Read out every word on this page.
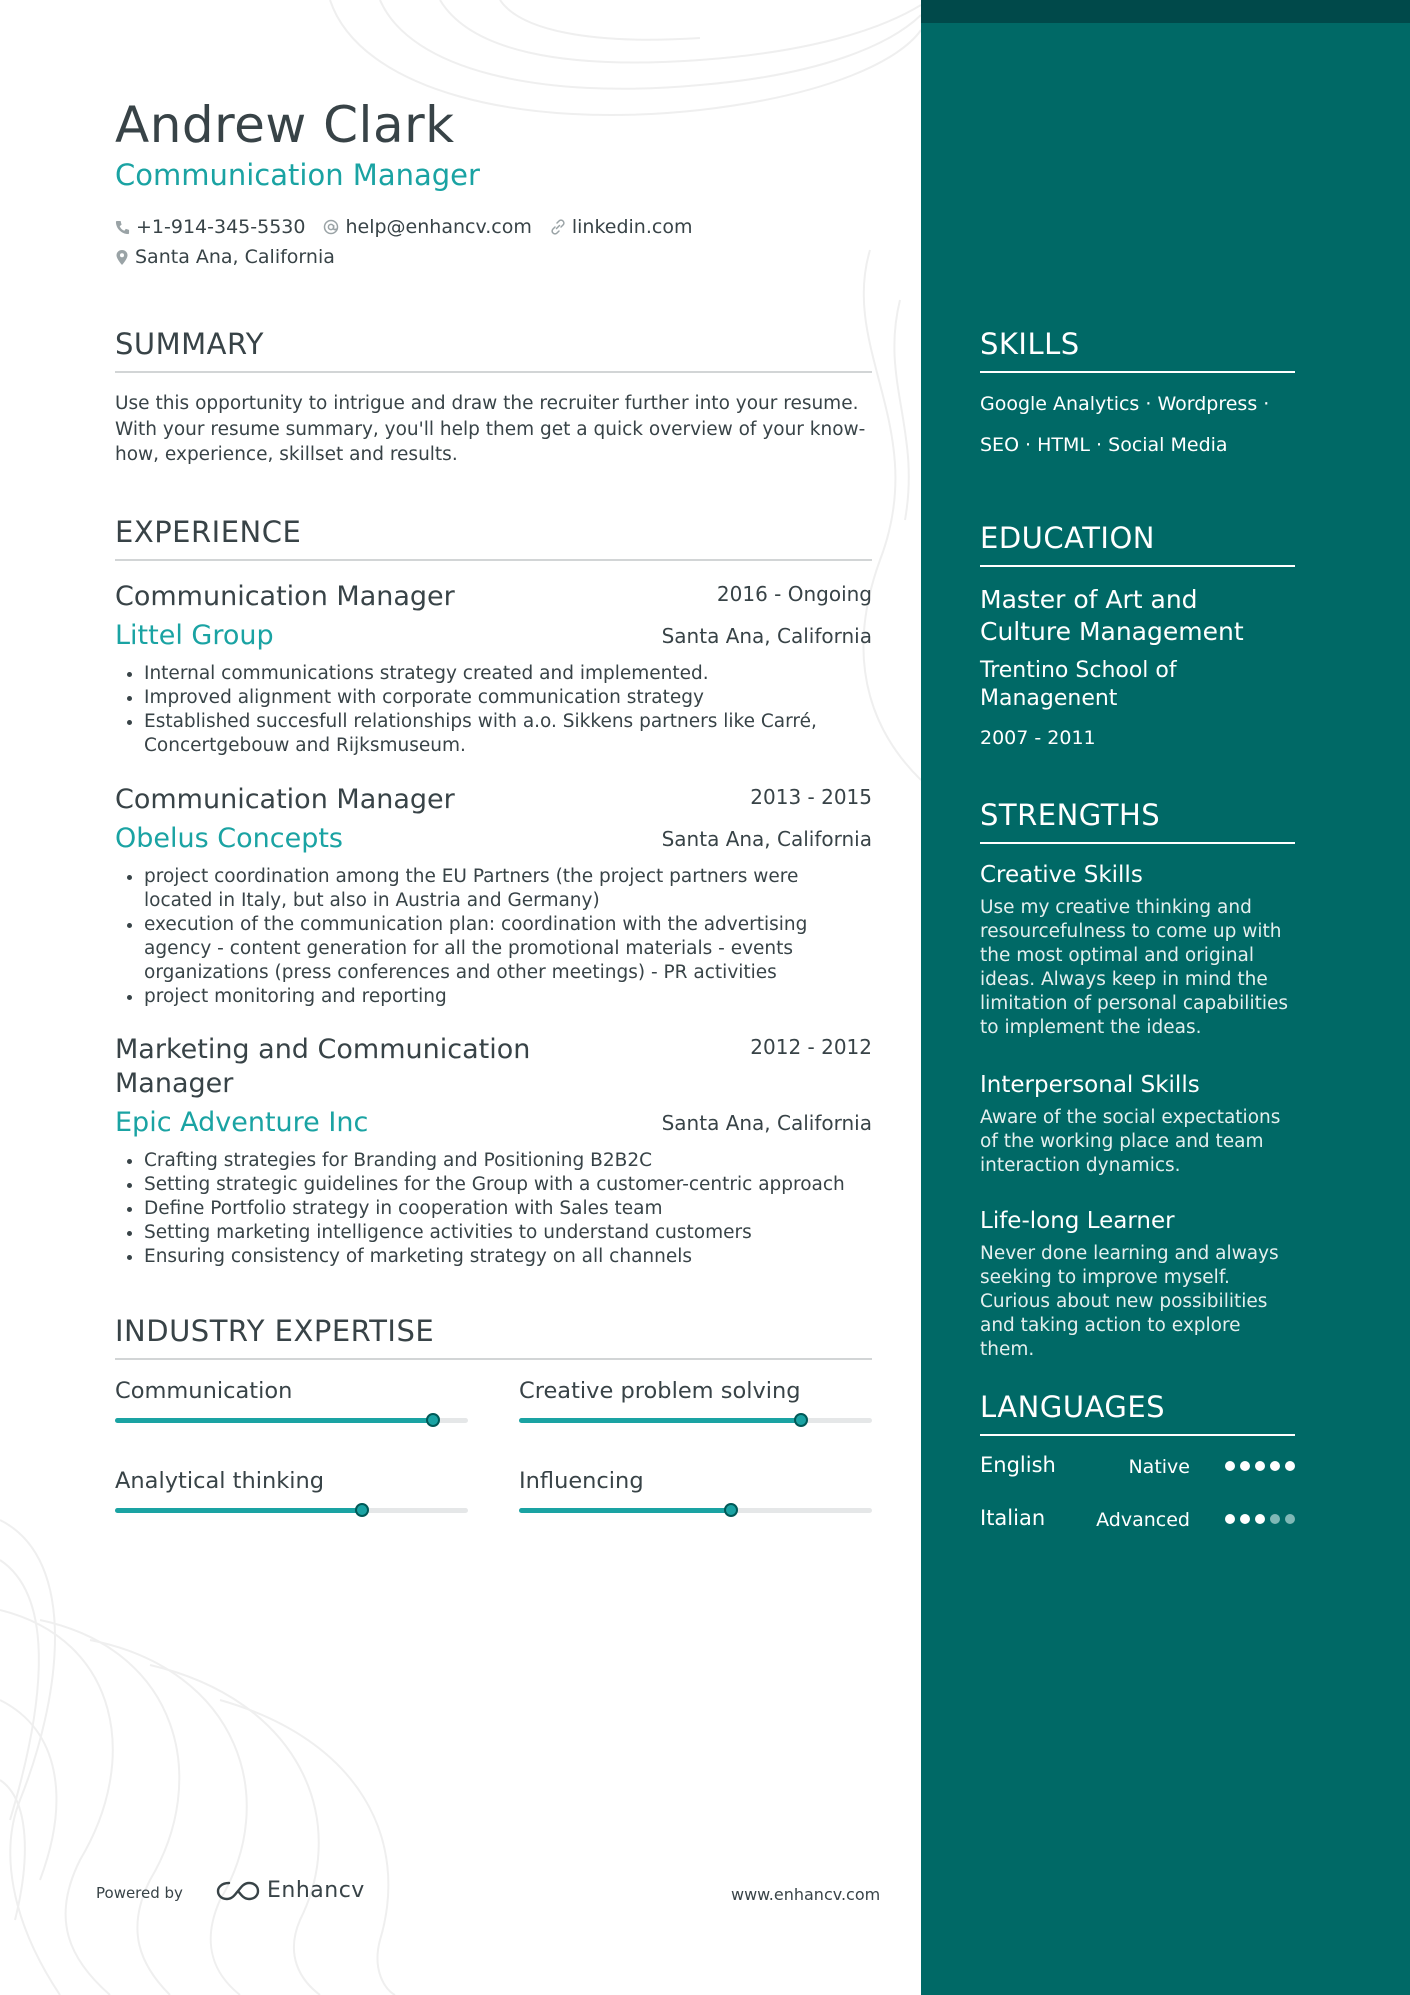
Andrew Clark
Communication Manager
+1-914-345-5530 help@enhancv.com linkedin.com
Santa Ana, California
SUMMARY
Use this opportunity to intrigue and draw the recruiter further into your resume. With your resume summary, you'll help them get a quick overview of your know-how, experience, skillset and results.
EXPERIENCE
Communication Manager	2016 - Ongoing
Littel Group	Santa Ana, California
• Internal communications strategy created and implemented.
• Improved alignment with corporate communication strategy
• Established succesfull relationships with a.o. Sikkens partners like Carré, Concertgebouw and Rijksmuseum.
Communication Manager	2013 - 2015
Obelus Concepts	Santa Ana, California
• project coordination among the EU Partners (the project partners were located in Italy, but also in Austria and Germany)
• execution of the communication plan: coordination with the advertising agency - content generation for all the promotional materials - events organizations (press conferences and other meetings) - PR activities
• project monitoring and reporting
Marketing and Communication Manager
2012 - 2012
Epic Adventure Inc	Santa Ana, California
• Crafting strategies for Branding and Positioning B2B2C
• Setting strategic guidelines for the Group with a customer-centric approach
• Define Portfolio strategy in cooperation with Sales team
• Setting marketing intelligence activities to understand customers
• Ensuring consistency of marketing strategy on all channels
INDUSTRY EXPERTISE
Communication	Creative problem solving
Analytical thinking	Influencing
Powered by	Enhancv	www.enhancv.com
SKILLS
Google Analytics · Wordpress ·
SEO · HTML · Social Media
EDUCATION
Master of Art and Culture Management
Trentino School of Managenent
2007 - 2011
STRENGTHS
Creative Skills
Use my creative thinking and resourcefulness to come up with the most optimal and original ideas. Always keep in mind the limitation of personal capabilities to implement the ideas.
Interpersonal Skills
Aware of the social expectations of the working place and team interaction dynamics.
Life-long Learner
Never done learning and always seeking to improve myself. Curious about new possibilities and taking action to explore them.
LANGUAGES
English	Native
Italian	Advanced
